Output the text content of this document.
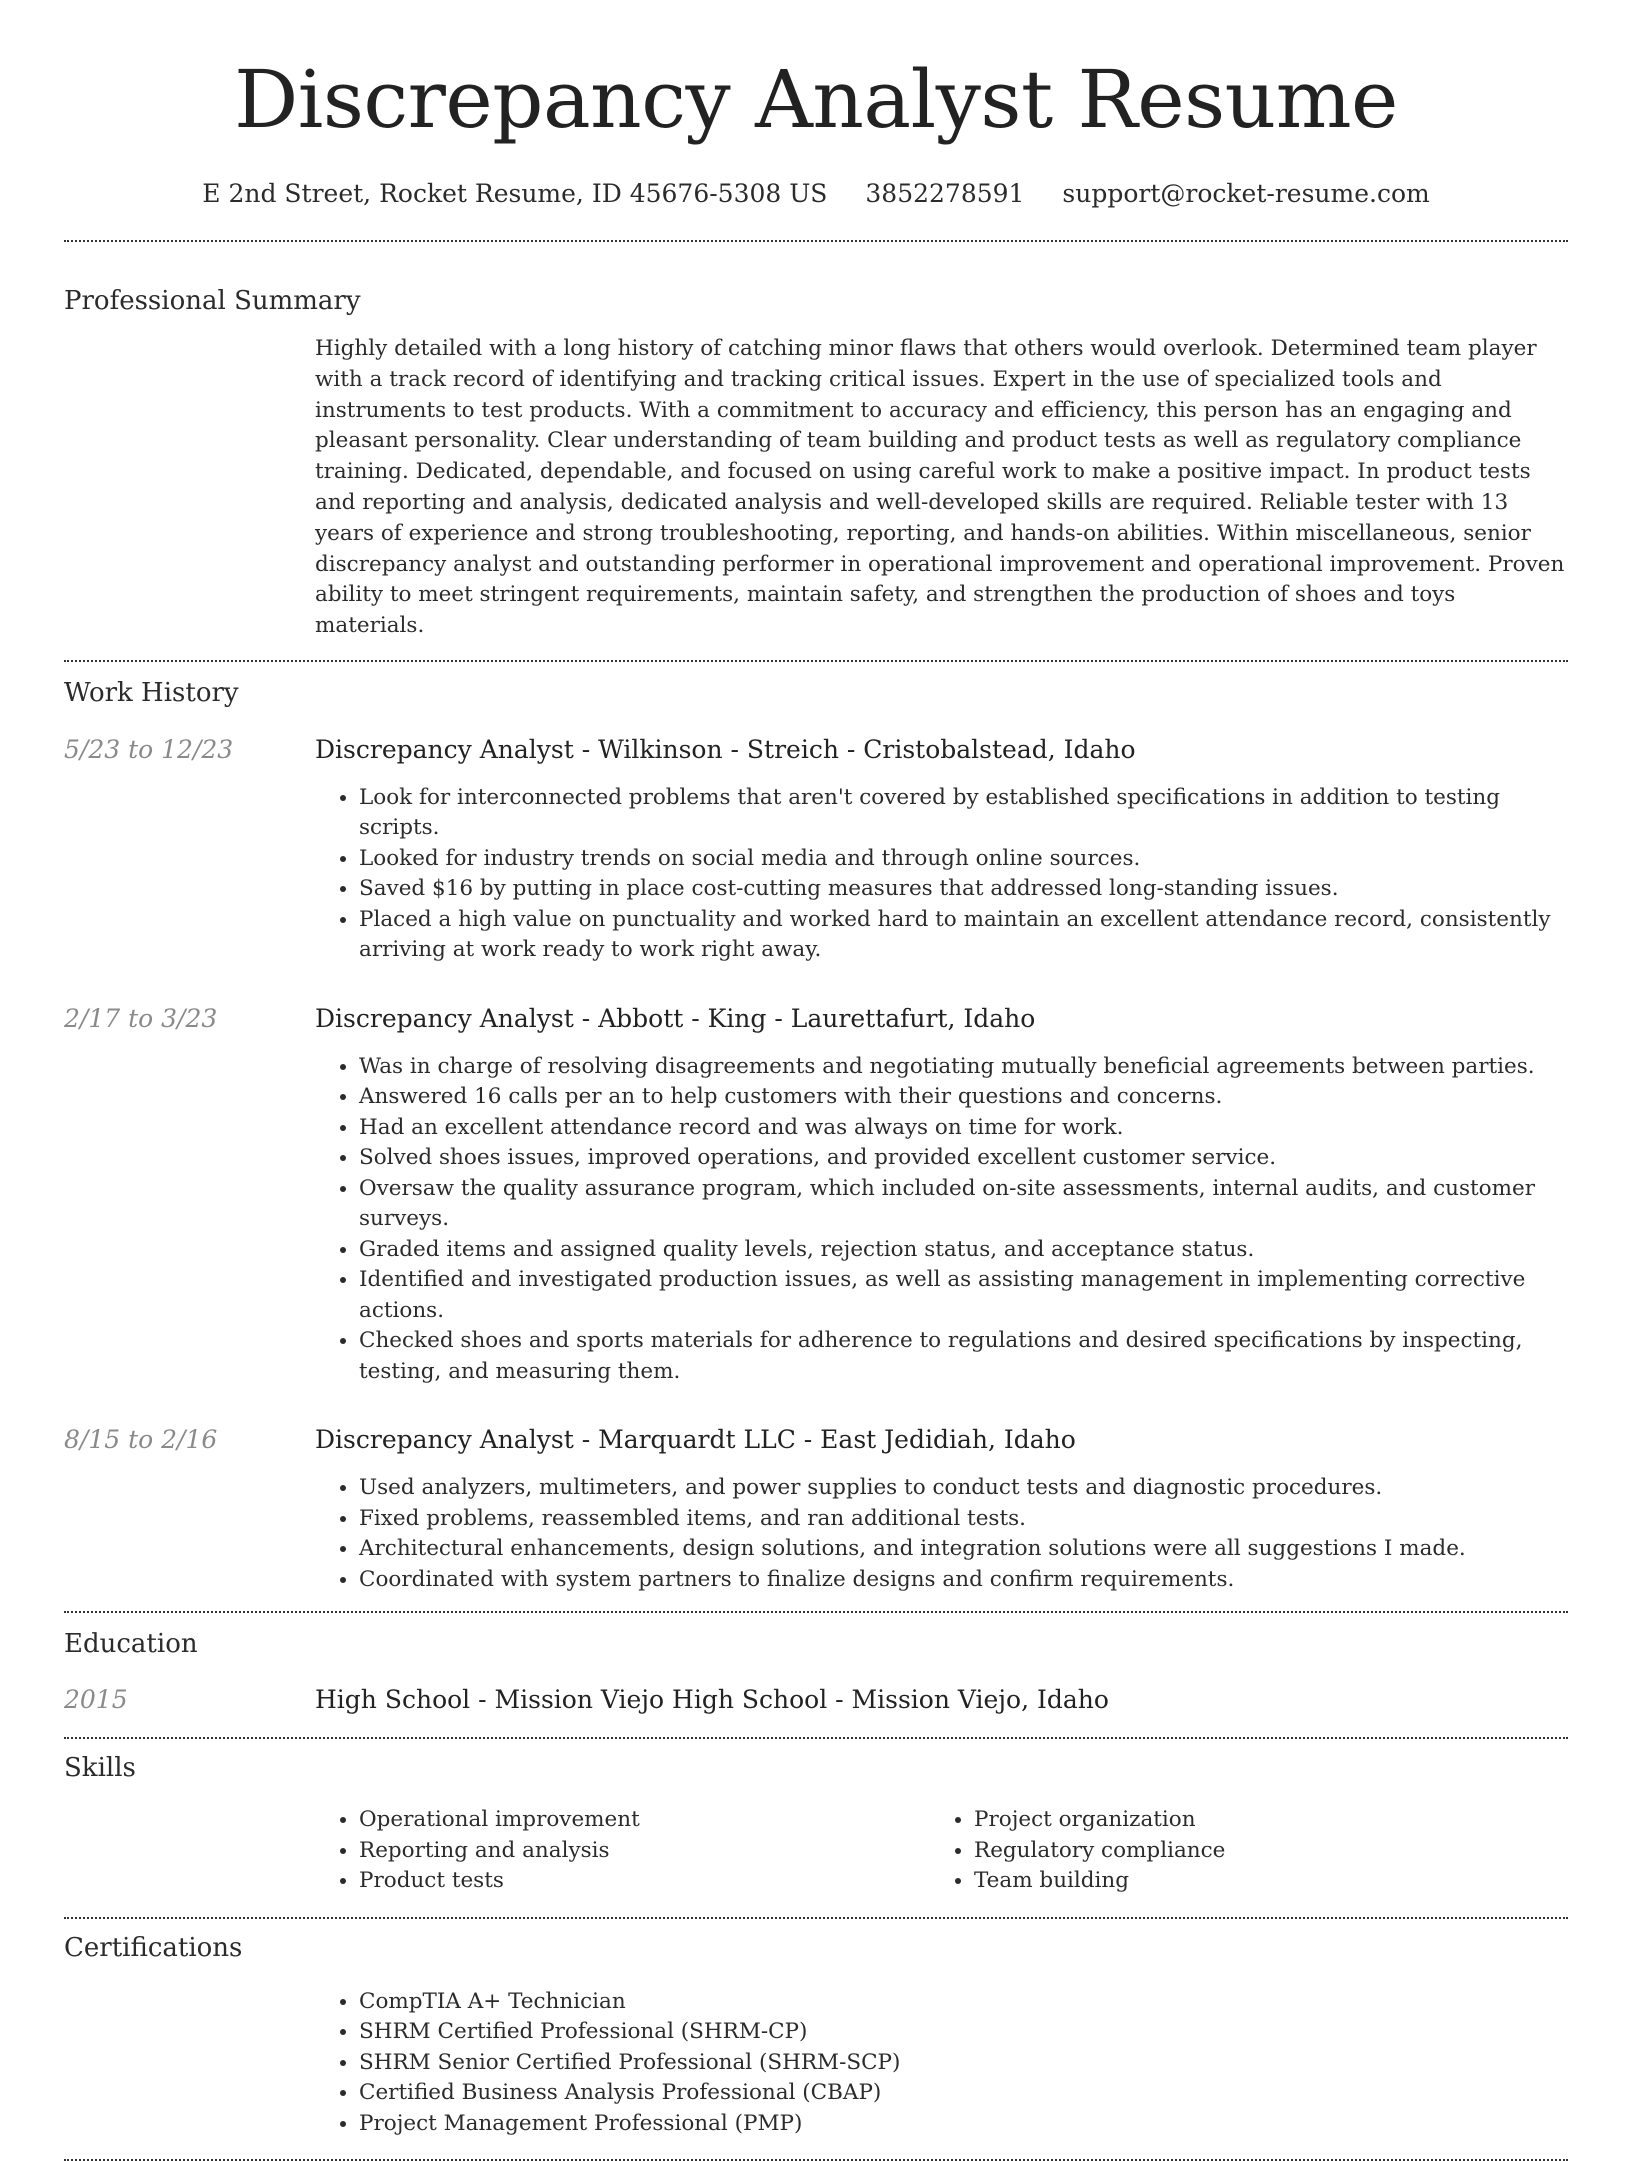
Discrepancy Analyst Resume
E 2nd Street, Rocket Resume, ID 45676-5308 US 3852278591 support@rocket-resume.com
Professional Summary

Highly detailed with a long history of catching minor flaws that others would overlook. Determined team player with a track record of identifying and tracking critical issues. Expert in the use of specialized tools and instruments to test products. With a commitment to accuracy and efficiency, this person has an engaging and pleasant personality. Clear understanding of team building and product tests as well as regulatory compliance training. Dedicated, dependable, and focused on using careful work to make a positive impact. In product tests and reporting and analysis, dedicated analysis and well-developed skills are required. Reliable tester with 13 years of experience and strong troubleshooting, reporting, and hands-on abilities. Within miscellaneous, senior discrepancy analyst and outstanding performer in operational improvement and operational improvement. Proven ability to meet stringent requirements, maintain safety, and strengthen the production of shoes and toys materials.

Work History
5/23 to 12/23	Discrepancy Analyst - Wilkinson - Streich - Cristobalstead, Idaho
• Look for interconnected problems that aren't covered by established specifications in addition to testing scripts.
• Looked for industry trends on social media and through online sources.
• Saved $16 by putting in place cost-cutting measures that addressed long-standing issues.
• Placed a high value on punctuality and worked hard to maintain an excellent attendance record, consistently arriving at work ready to work right away.
2/17 to 3/23	Discrepancy Analyst - Abbott - King - Laurettafurt, Idaho
• Was in charge of resolving disagreements and negotiating mutually beneficial agreements between parties.
• Answered 16 calls per an to help customers with their questions and concerns.
• Had an excellent attendance record and was always on time for work.
• Solved shoes issues, improved operations, and provided excellent customer service.
• Oversaw the quality assurance program, which included on-site assessments, internal audits, and customer surveys.
• Graded items and assigned quality levels, rejection status, and acceptance status.
• Identified and investigated production issues, as well as assisting management in implementing corrective actions.
• Checked shoes and sports materials for adherence to regulations and desired specifications by inspecting, testing, and measuring them.
8/15 to 2/16	Discrepancy Analyst - Marquardt LLC - East Jedidiah, Idaho
• Used analyzers, multimeters, and power supplies to conduct tests and diagnostic procedures.
• Fixed problems, reassembled items, and ran additional tests.
• Architectural enhancements, design solutions, and integration solutions were all suggestions I made.
• Coordinated with system partners to finalize designs and confirm requirements.
Education
2015	High School - Mission Viejo High School - Mission Viejo, Idaho
Skills
• Operational improvement
• Reporting and analysis
• Product tests
• Project organization
• Regulatory compliance
• Team building
Certifications
• CompTIA A+ Technician
• SHRM Certified Professional (SHRM-CP)
• SHRM Senior Certified Professional (SHRM-SCP)
• Certified Business Analysis Professional (CBAP)
• Project Management Professional (PMP)
